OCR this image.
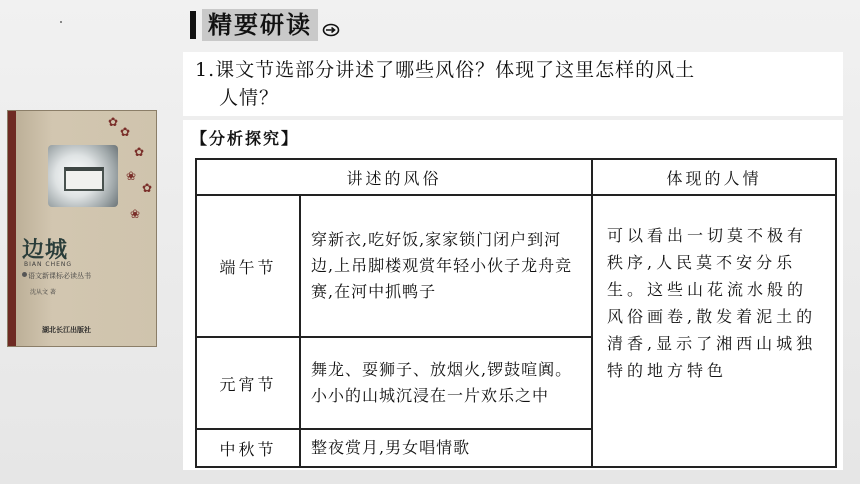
精要研读
1.课文节选部分讲述了哪些风俗？体现了这里怎样的风土
人情？
✿
✿
❀
✿
❀
✿
边城
BIAN CHENG
语文新课标必读丛书
沈从文 著
湖北长江出版社
【分析探究】
讲述的风俗		体现的人情
端午节	穿新衣,吃好饭,家家锁门闭户到河边,上吊脚楼观赏年轻小伙子龙舟竞赛,在河中抓鸭子	可以看出一切莫不极有秩序,人民莫不安分乐生。这些山花流水般的风俗画卷,散发着泥土的清香,显示了湘西山城独特的地方特色
元宵节	舞龙、耍狮子、放烟火,锣鼓喧阗。小小的山城沉浸在一片欢乐之中	
中秋节	整夜赏月,男女唱情歌	
